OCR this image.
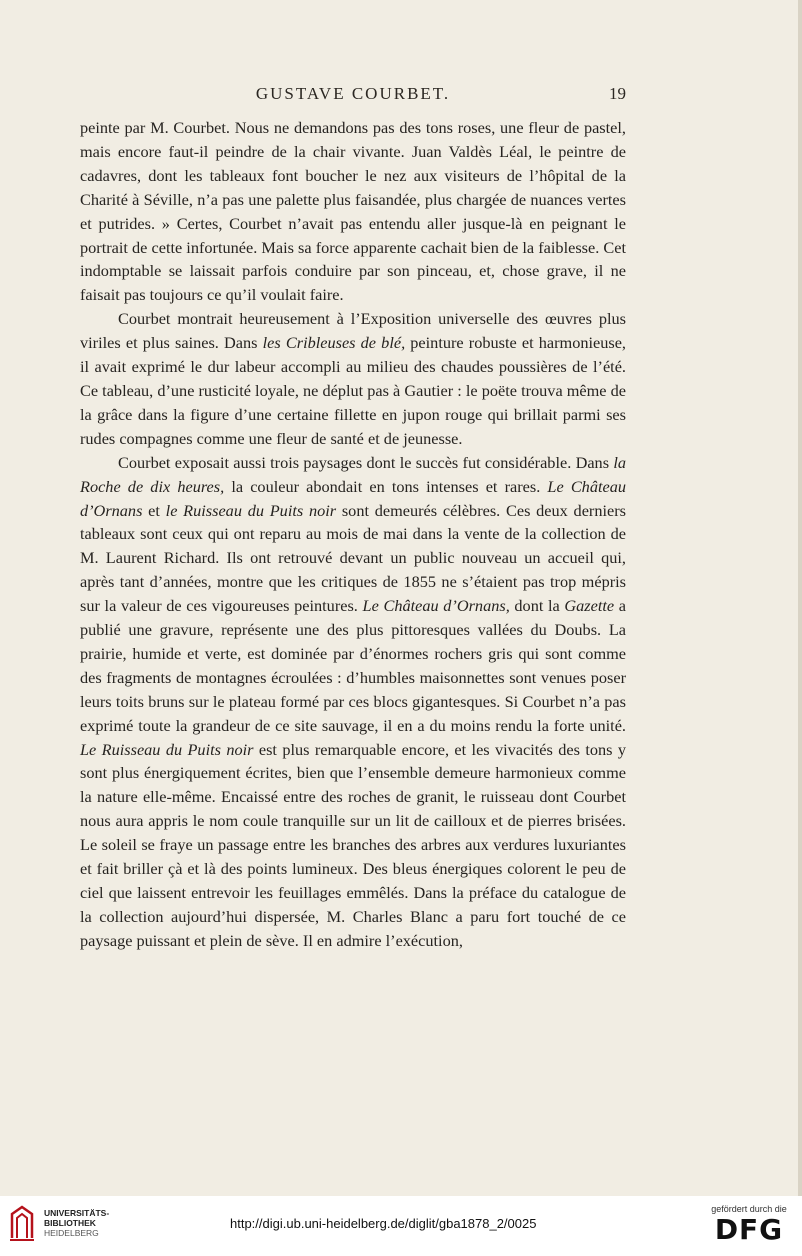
GUSTAVE COURBET.	19

peinte par M. Courbet. Nous ne demandons pas des tons roses, une fleur de pastel, mais encore faut-il peindre de la chair vivante. Juan Valdès Léal, le peintre de cadavres, dont les tableaux font boucher le nez aux visiteurs de l’hôpital de la Charité à Séville, n’a pas une palette plus faisandée, plus chargée de nuances vertes et putrides. » Certes, Courbet n’avait pas entendu aller jusque-là en peignant le portrait de cette infortunée. Mais sa force apparente cachait bien de la faiblesse. Cet indomptable se laissait parfois conduire par son pinceau, et, chose grave, il ne faisait pas toujours ce qu’il voulait faire.

Courbet montrait heureusement à l’Exposition universelle des œuvres plus viriles et plus saines. Dans les Cribleuses de blé, peinture robuste et harmonieuse, il avait exprimé le dur labeur accompli au milieu des chaudes poussières de l’été. Ce tableau, d’une rusticité loyale, ne déplut pas à Gautier : le poëte trouva même de la grâce dans la figure d’une certaine fillette en jupon rouge qui brillait parmi ses rudes compagnes comme une fleur de santé et de jeunesse.

Courbet exposait aussi trois paysages dont le succès fut considérable. Dans la Roche de dix heures, la couleur abondait en tons intenses et rares. Le Château d’Ornans et le Ruisseau du Puits noir sont demeurés célèbres. Ces deux derniers tableaux sont ceux qui ont reparu au mois de mai dans la vente de la collection de M. Laurent Richard. Ils ont retrouvé devant un public nouveau un accueil qui, après tant d’années, montre que les critiques de 1855 ne s’étaient pas trop mépris sur la valeur de ces vigoureuses peintures. Le Château d’Ornans, dont la Gazette a publié une gravure, représente une des plus pittoresques vallées du Doubs. La prairie, humide et verte, est dominée par d’énormes rochers gris qui sont comme des fragments de montagnes écroulées : d’humbles maisonnettes sont venues poser leurs toits bruns sur le plateau formé par ces blocs gigantesques. Si Courbet n’a pas exprimé toute la grandeur de ce site sauvage, il en a du moins rendu la forte unité. Le Ruisseau du Puits noir est plus remarquable encore, et les vivacités des tons y sont plus énergiquement écrites, bien que l’ensemble demeure harmonieux comme la nature elle-même. Encaissé entre des roches de granit, le ruisseau dont Courbet nous aura appris le nom coule tranquille sur un lit de cailloux et de pierres brisées. Le soleil se fraye un passage entre les branches des arbres aux verdures luxuriantes et fait briller çà et là des points lumineux. Des bleus énergiques colorent le peu de ciel que laissent entrevoir les feuillages emmêlés. Dans la préface du catalogue de la collection aujourd’hui dispersée, M. Charles Blanc a paru fort touché de ce paysage puissant et plein de sève. Il en admire l’exécution,

UNIVERSITÄTS-
BIBLIOTHEK
HEIDELBERG
http://digi.ub.uni-heidelberg.de/diglit/gba1878_2/0025
gefördert durch die
DFG
